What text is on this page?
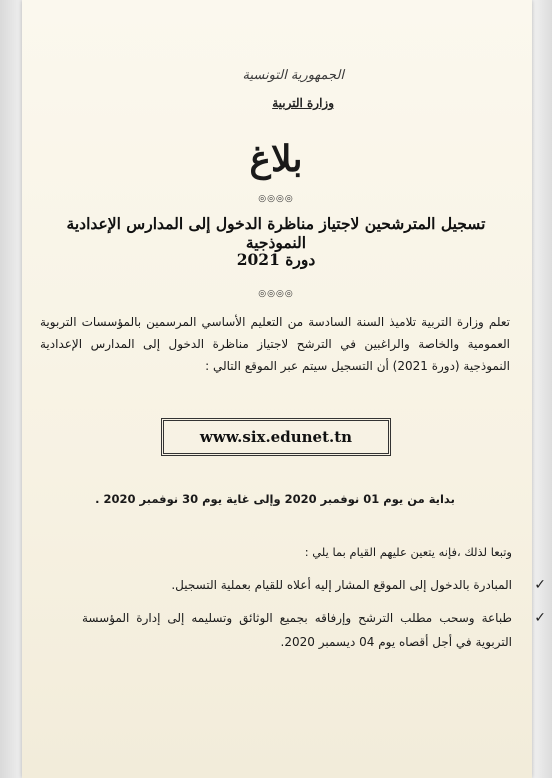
الجمهورية التونسية
وزارة التربية
بلاغ
◎◎◎◎
تسجيل المترشحين لاجتياز مناظرة الدخول إلى المدارس الإعدادية النموذجية
دورة 2021
◎◎◎◎
تعلم وزارة التربية تلاميذ السنة السادسة من التعليم الأساسي المرسمين بالمؤسسات التربوية العمومية والخاصة والراغبين في الترشح لاجتياز مناظرة الدخول إلى المدارس الإعدادية النموذجية (دورة 2021) أن التسجيل سيتم عبر الموقع التالي :
www.six.edunet.tn
بداية من يوم 01 نوفمبر 2020 وإلى غاية يوم 30 نوفمبر 2020 .
وتبعا لذلك ،فإنه يتعين عليهم القيام بما يلي :
✓
المبادرة بالدخول إلى الموقع المشار إليه أعلاه للقيام بعملية التسجيل.
✓
طباعة وسحب مطلب الترشح وإرفاقه بجميع الوثائق وتسليمه إلى إدارة المؤسسة التربوية في أجل أقصاه يوم 04 ديسمبر 2020.
